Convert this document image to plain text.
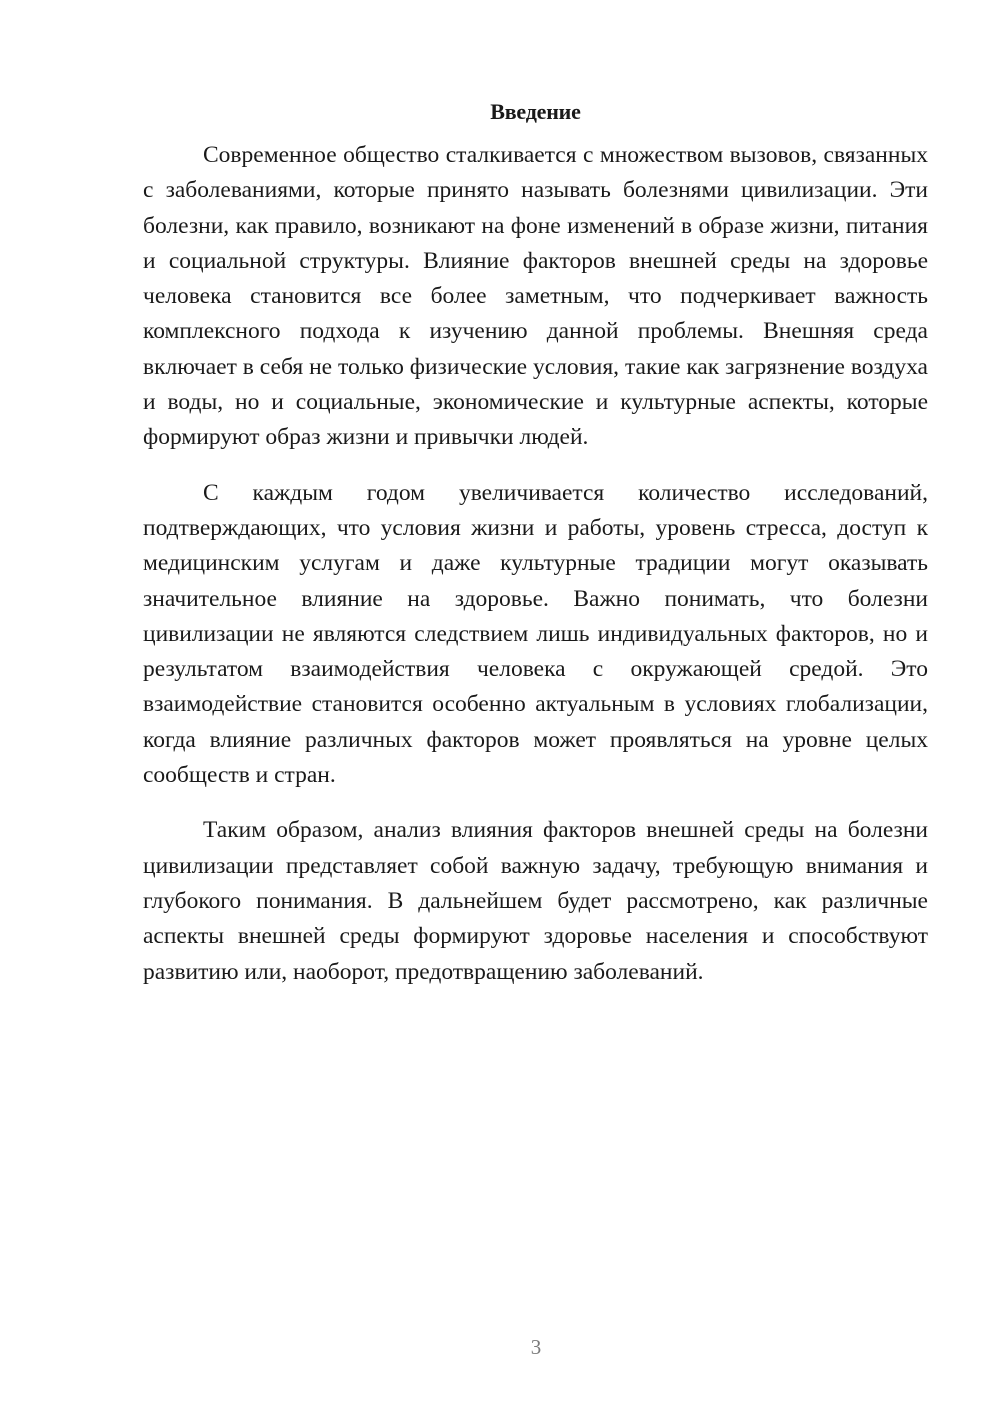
Введение

Современное общество сталкивается с множеством вызовов, связанных с заболеваниями, которые принято называть болезнями цивилизации. Эти болезни, как правило, возникают на фоне изменений в образе жизни, питания и социальной структуры. Влияние факторов внешней среды на здоровье человека становится все более заметным, что подчеркивает важность комплексного подхода к изучению данной проблемы. Внешняя среда включает в себя не только физические условия, такие как загрязнение воздуха и воды, но и социальные, экономические и культурные аспекты, которые формируют образ жизни и привычки людей.

С каждым годом увеличивается количество исследований, подтверждающих, что условия жизни и работы, уровень стресса, доступ к медицинским услугам и даже культурные традиции могут оказывать значительное влияние на здоровье. Важно понимать, что болезни цивилизации не являются следствием лишь индивидуальных факторов, но и результатом взаимодействия человека с окружающей средой. Это взаимодействие становится особенно актуальным в условиях глобализации, когда влияние различных факторов может проявляться на уровне целых сообществ и стран.

Таким образом, анализ влияния факторов внешней среды на болезни цивилизации представляет собой важную задачу, требующую внимания и глубокого понимания. В дальнейшем будет рассмотрено, как различные аспекты внешней среды формируют здоровье населения и способствуют развитию или, наоборот, предотвращению заболеваний.

3
